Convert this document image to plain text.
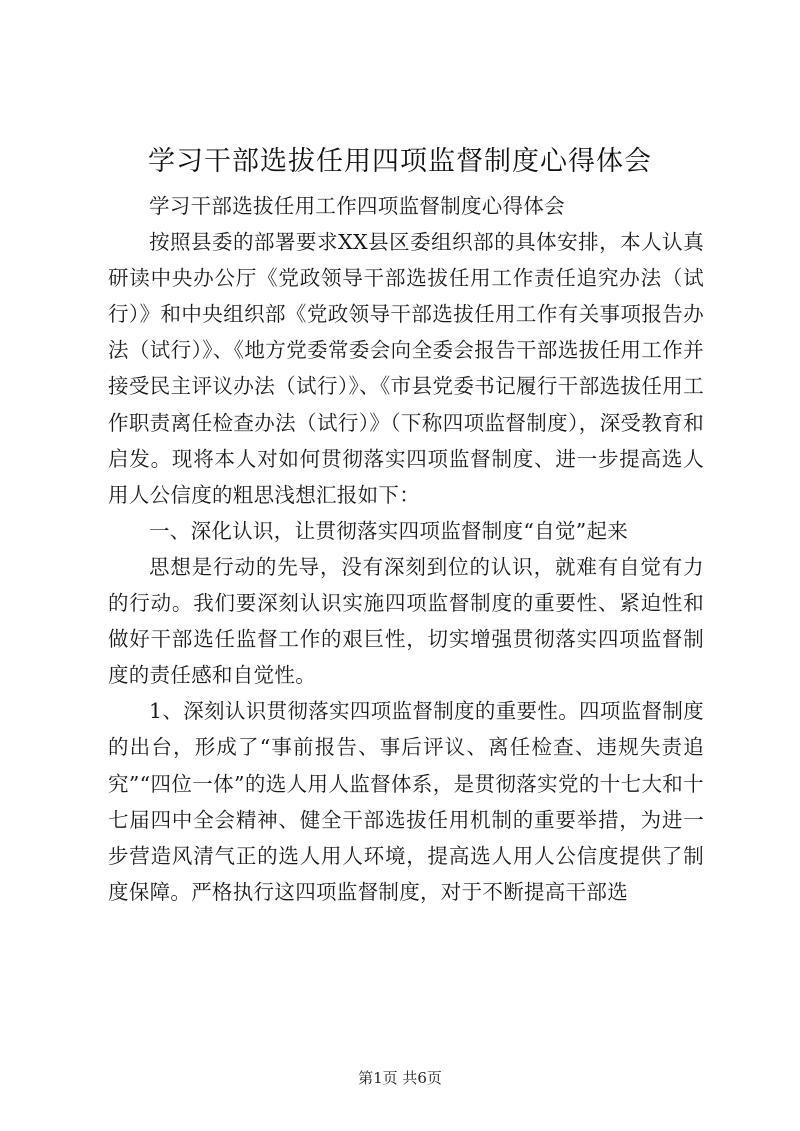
学习干部选拔任用四项监督制度心得体会

学习干部选拔任用工作四项监督制度心得体会

按照县委的部署要求XX县区委组织部的具体安排，本人认真研读中央办公厅《党政领导干部选拔任用工作责任追究办法（试行）》和中央组织部《党政领导干部选拔任用工作有关事项报告办法（试行）》、《地方党委常委会向全委会报告干部选拔任用工作并接受民主评议办法（试行）》、《市县党委书记履行干部选拔任用工作职责离任检查办法（试行）》（下称四项监督制度），深受教育和启发。现将本人对如何贯彻落实四项监督制度、进一步提高选人用人公信度的粗思浅想汇报如下：

一、深化认识，让贯彻落实四项监督制度“自觉”起来

思想是行动的先导，没有深刻到位的认识，就难有自觉有力的行动。我们要深刻认识实施四项监督制度的重要性、紧迫性和做好干部选任监督工作的艰巨性，切实增强贯彻落实四项监督制度的责任感和自觉性。

1、深刻认识贯彻落实四项监督制度的重要性。四项监督制度的出台，形成了“事前报告、事后评议、离任检查、违规失责追究”“四位一体”的选人用人监督体系，是贯彻落实党的十七大和十七届四中全会精神、健全干部选拔任用机制的重要举措，为进一步营造风清气正的选人用人环境，提高选人用人公信度提供了制度保障。严格执行这四项监督制度，对于不断提高干部选

第1页 共6页
